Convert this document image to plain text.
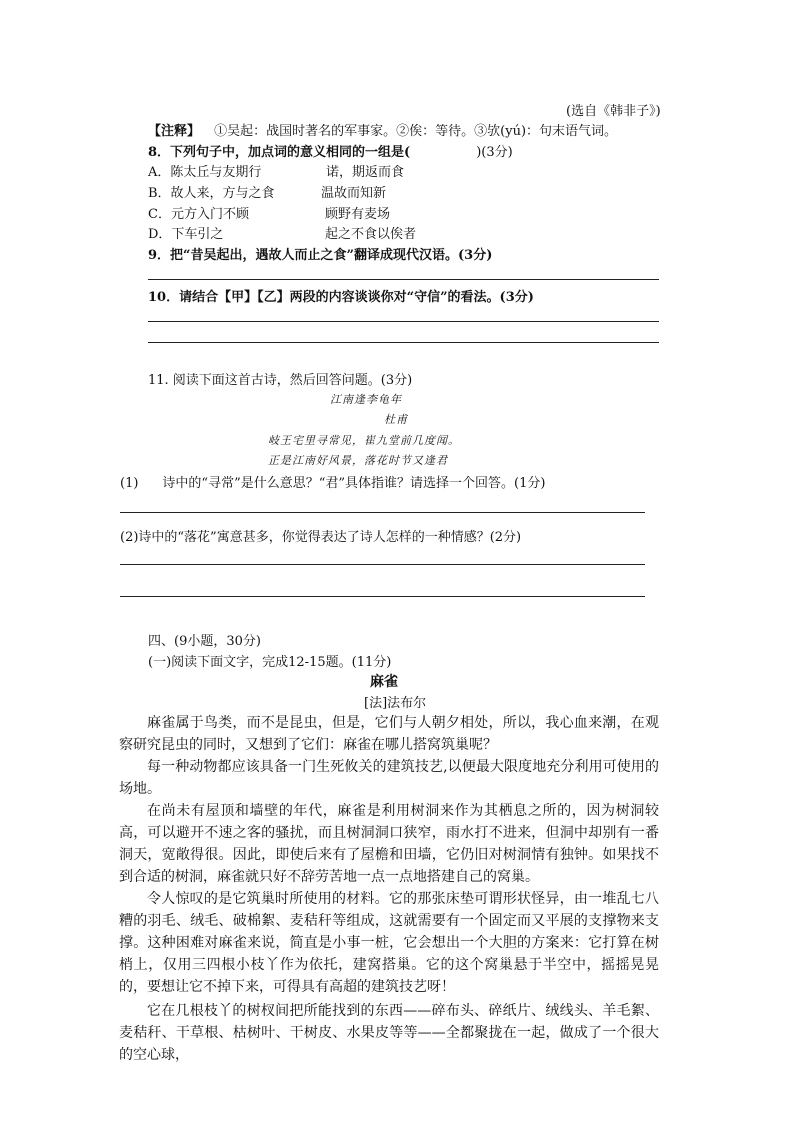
(选自《韩非子》)
【注释】 ①吴起：战国时著名的军事家。②俟：等待。③欤(yú)：句末语气词。
8．下列句子中，加点词的意义相同的一组是(	)(3分)
A．陈太丘与友期行	诺，期返而食
B．故人来，方与之食	温故而知新
C．元方入门不顾	顾野有麦场
D．下车引之	起之不食以俟者
9．把“昔吴起出，遇故人而止之食”翻译成现代汉语。(3分)
10．请结合【甲】【乙】两段的内容谈谈你对“守信”的看法。(3分)
11. 阅读下面这首古诗，然后回答问题。(3分)
江南逢李龟年
杜甫
岐王宅里寻常见，崔九堂前几度闻。
正是江南好风景，落花时节又逢君
(1) 诗中的“寻常”是什么意思？“君”具体指谁？请选择一个回答。(1分)
(2)诗中的“落花”寓意甚多，你觉得表达了诗人怎样的一种情感？(2分)
四、(9小题，30分)
(一)阅读下面文字，完成12-15题。(11分)
麻雀
[法]法布尔
麻雀属于鸟类，而不是昆虫，但是，它们与人朝夕相处，所以，我心血来潮，在观察研究昆虫的同时，又想到了它们：麻雀在哪儿搭窝筑巢呢？
每一种动物都应该具备一门生死攸关的建筑技艺,以便最大限度地充分利用可使用的场地。
在尚未有屋顶和墙壁的年代，麻雀是利用树洞来作为其栖息之所的，因为树洞较高，可以避开不速之客的骚扰，而且树洞洞口狭窄，雨水打不进来，但洞中却别有一番洞天，宽敞得很。因此，即使后来有了屋檐和田墙，它仍旧对树洞情有独钟。如果找不到合适的树洞，麻雀就只好不辞劳苦地一点一点地搭建自己的窝巢。
令人惊叹的是它筑巢时所使用的材料。它的那张床垫可谓形状怪异，由一堆乱七八糟的羽毛、绒毛、破棉絮、麦秸秆等组成，这就需要有一个固定而又平展的支撑物来支撑。这种困难对麻雀来说，简直是小事一桩，它会想出一个大胆的方案来：它打算在树梢上，仅用三四根小枝丫作为依托，建窝搭巢。它的这个窝巢悬于半空中，摇摇晃晃的，要想让它不掉下来，可得具有高超的建筑技艺呀！
它在几根枝丫的树杈间把所能找到的东西——碎布头、碎纸片、绒线头、羊毛絮、麦秸秆、干草根、枯树叶、干树皮、水果皮等等——全都聚拢在一起，做成了一个很大的空心球，
